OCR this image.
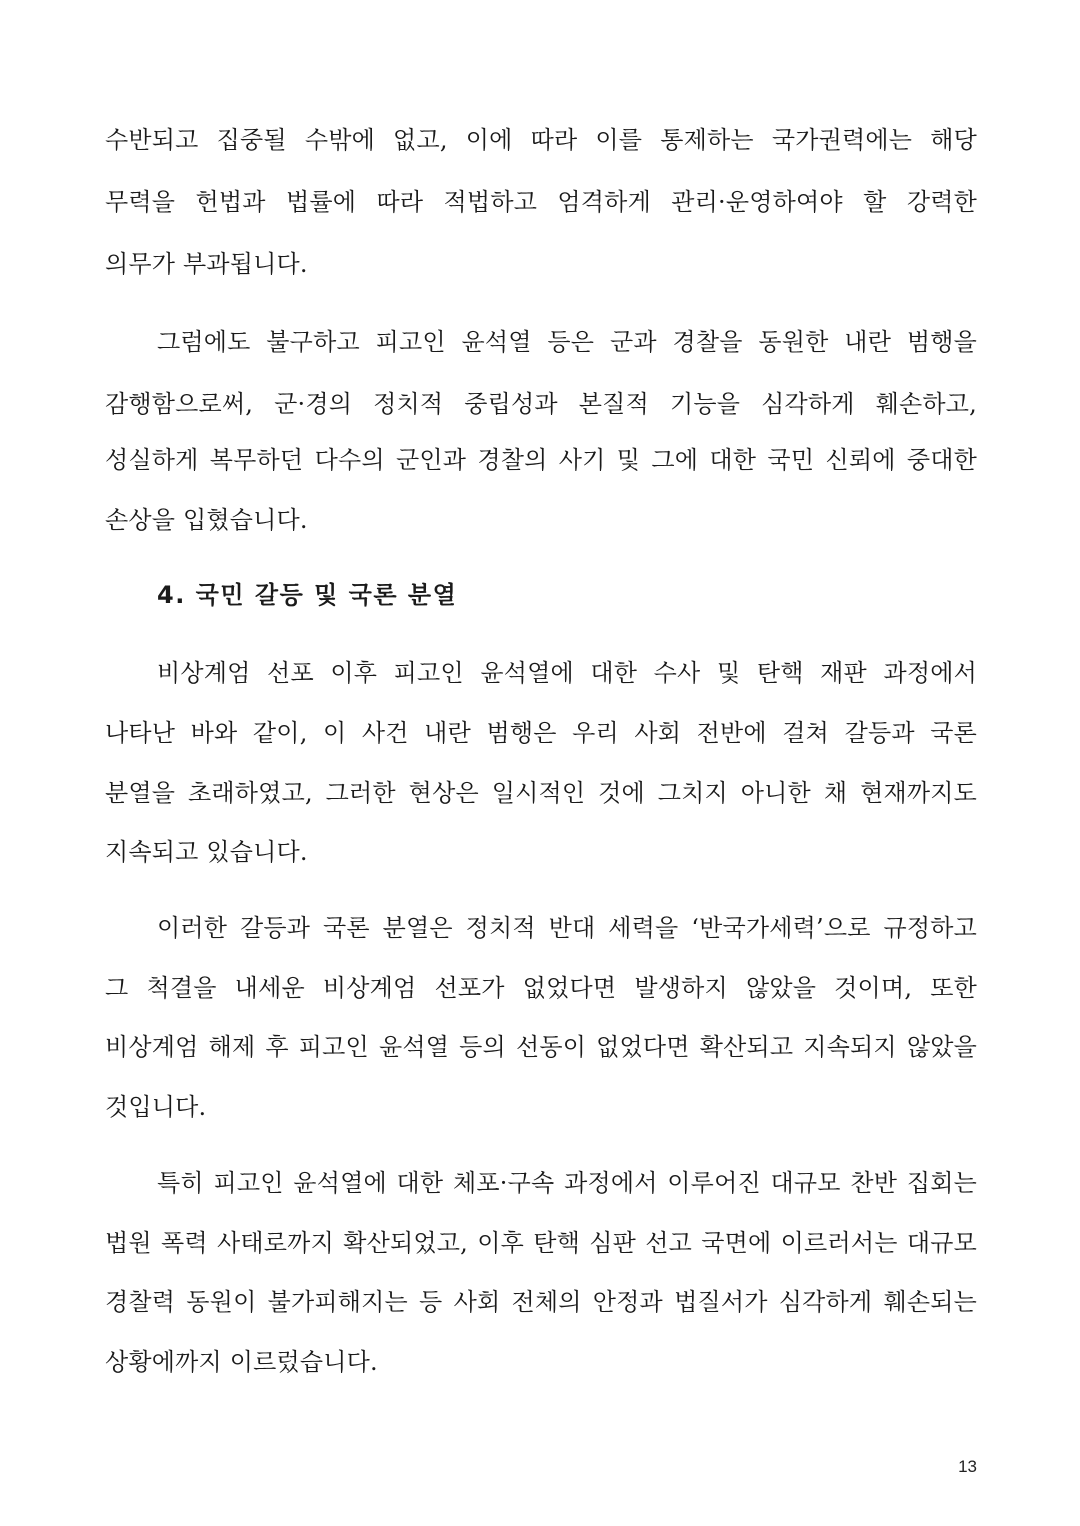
수반되고 집중될 수밖에 없고, 이에 따라 이를 통제하는 국가권력에는 해당
무력을 헌법과 법률에 따라 적법하고 엄격하게 관리·운영하여야 할 강력한
의무가 부과됩니다.
그럼에도 불구하고 피고인 윤석열 등은 군과 경찰을 동원한 내란 범행을
감행함으로써, 군·경의 정치적 중립성과 본질적 기능을 심각하게 훼손하고,
성실하게 복무하던 다수의 군인과 경찰의 사기 및 그에 대한 국민 신뢰에 중대한
손상을 입혔습니다.
4. 국민 갈등 및 국론 분열
비상계엄 선포 이후 피고인 윤석열에 대한 수사 및 탄핵 재판 과정에서
나타난 바와 같이, 이 사건 내란 범행은 우리 사회 전반에 걸쳐 갈등과 국론
분열을 초래하였고, 그러한 현상은 일시적인 것에 그치지 아니한 채 현재까지도
지속되고 있습니다.
이러한 갈등과 국론 분열은 정치적 반대 세력을 ‘반국가세력’으로 규정하고
그 척결을 내세운 비상계엄 선포가 없었다면 발생하지 않았을 것이며, 또한
비상계엄 해제 후 피고인 윤석열 등의 선동이 없었다면 확산되고 지속되지 않았을
것입니다.
특히 피고인 윤석열에 대한 체포·구속 과정에서 이루어진 대규모 찬반 집회는
법원 폭력 사태로까지 확산되었고, 이후 탄핵 심판 선고 국면에 이르러서는 대규모
경찰력 동원이 불가피해지는 등 사회 전체의 안정과 법질서가 심각하게 훼손되는
상황에까지 이르렀습니다.
13
